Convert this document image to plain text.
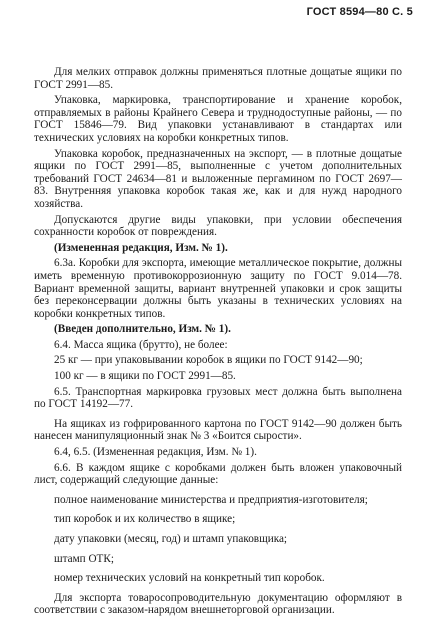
ГОСТ 8594—80 С. 5

Для мелких отправок должны применяться плотные дощатые ящики по ГОСТ 2991—85.

Упаковка, маркировка, транспортирование и хранение коробок, отправляемых в районы Крайнего Севера и труднодоступные районы, — по ГОСТ 15846—79. Вид упаковки устанавливают в стандартах или технических условиях на коробки конкретных типов.

Упаковка коробок, предназначенных на экспорт, — в плотные дощатые ящики по ГОСТ 2991—85, выполненные с учетом дополнительных требований ГОСТ 24634—81 и выложенные пергамином по ГОСТ 2697—83. Внутренняя упаковка коробок такая же, как и для нужд народного хозяйства.

Допускаются другие виды упаковки, при условии обеспечения сохранности коробок от повреждения.

(Измененная редакция, Изм. № 1).

6.3а. Коробки для экспорта, имеющие металлическое покрытие, должны иметь временную противокоррозионную защиту по ГОСТ 9.014—78. Вариант временной защиты, вариант внутренней упаковки и срок защиты без переконсервации должны быть указаны в технических условиях на коробки конкретных типов.

(Введен дополнительно, Изм. № 1).

6.4. Масса ящика (брутто), не более:

25 кг — при упаковывании коробок в ящики по ГОСТ 9142—90;

100 кг — в ящики по ГОСТ 2991—85.

6.5. Транспортная маркировка грузовых мест должна быть выполнена по ГОСТ 14192—77.

На ящиках из гофрированного картона по ГОСТ 9142—90 должен быть нанесен манипуляционный знак № 3 «Боится сырости».

6.4, 6.5. (Измененная редакция, Изм. № 1).

6.6. В каждом ящике с коробками должен быть вложен упаковочный лист, содержащий следующие данные:

полное наименование министерства и предприятия-изготовителя;

тип коробок и их количество в ящике;

дату упаковки (месяц, год) и штамп упаковщика;

штамп ОТК;

номер технических условий на конкретный тип коробок.

Для экспорта товаросопроводительную документацию оформляют в соответствии с заказом-нарядом внешнеторговой организации.
